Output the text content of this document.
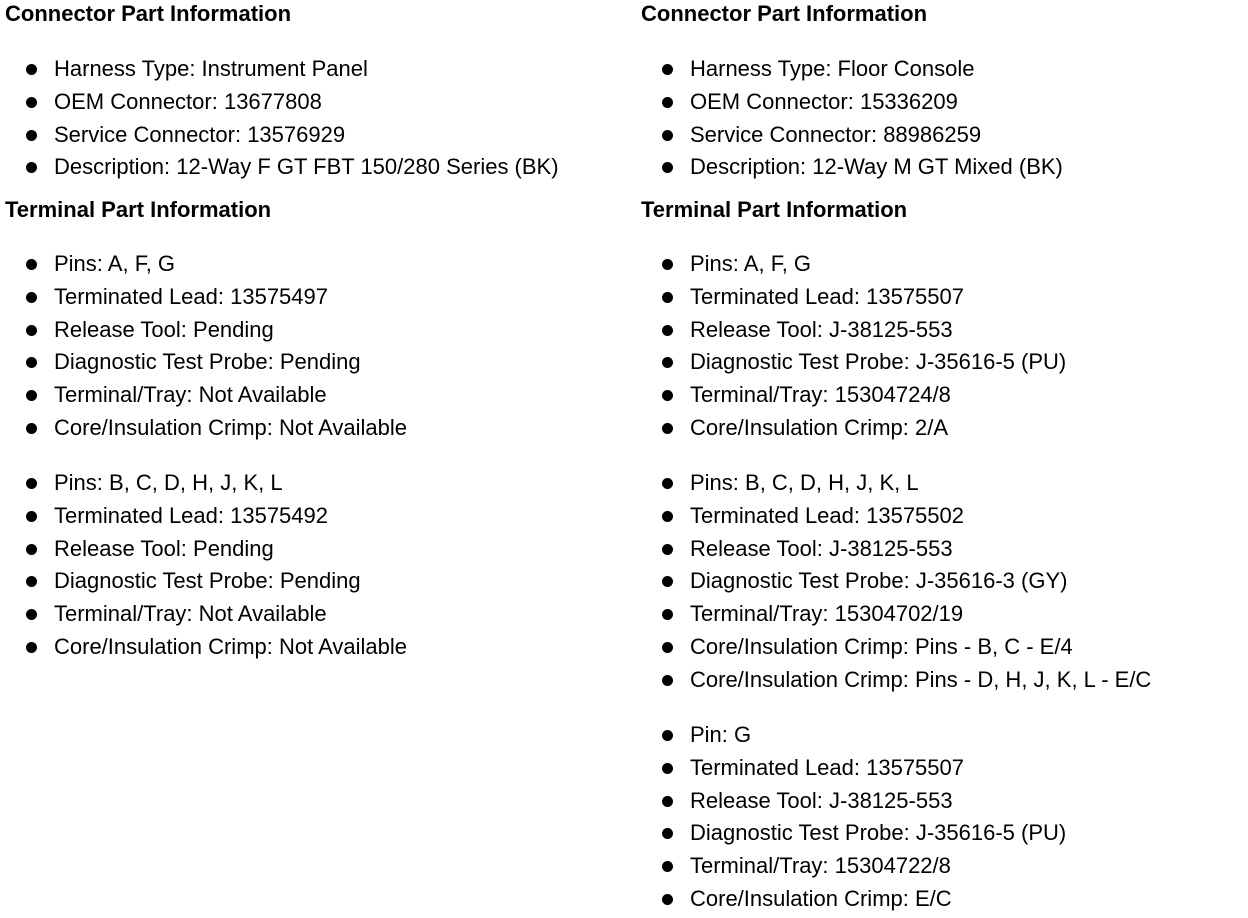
Connector Part Information
Harness Type: Instrument Panel
OEM Connector: 13677808
Service Connector: 13576929
Description: 12-Way F GT FBT 150/280 Series (BK)
Terminal Part Information
Pins: A, F, G
Terminated Lead: 13575497
Release Tool: Pending
Diagnostic Test Probe: Pending
Terminal/Tray: Not Available
Core/Insulation Crimp: Not Available
Pins: B, C, D, H, J, K, L
Terminated Lead: 13575492
Release Tool: Pending
Diagnostic Test Probe: Pending
Terminal/Tray: Not Available
Core/Insulation Crimp: Not Available
Connector Part Information
Harness Type: Floor Console
OEM Connector: 15336209
Service Connector: 88986259
Description: 12-Way M GT Mixed (BK)
Terminal Part Information
Pins: A, F, G
Terminated Lead: 13575507
Release Tool: J-38125-553
Diagnostic Test Probe: J-35616-5 (PU)
Terminal/Tray: 15304724/8
Core/Insulation Crimp: 2/A
Pins: B, C, D, H, J, K, L
Terminated Lead: 13575502
Release Tool: J-38125-553
Diagnostic Test Probe: J-35616-3 (GY)
Terminal/Tray: 15304702/19
Core/Insulation Crimp: Pins - B, C - E/4
Core/Insulation Crimp: Pins - D, H, J, K, L - E/C
Pin: G
Terminated Lead: 13575507
Release Tool: J-38125-553
Diagnostic Test Probe: J-35616-5 (PU)
Terminal/Tray: 15304722/8
Core/Insulation Crimp: E/C
